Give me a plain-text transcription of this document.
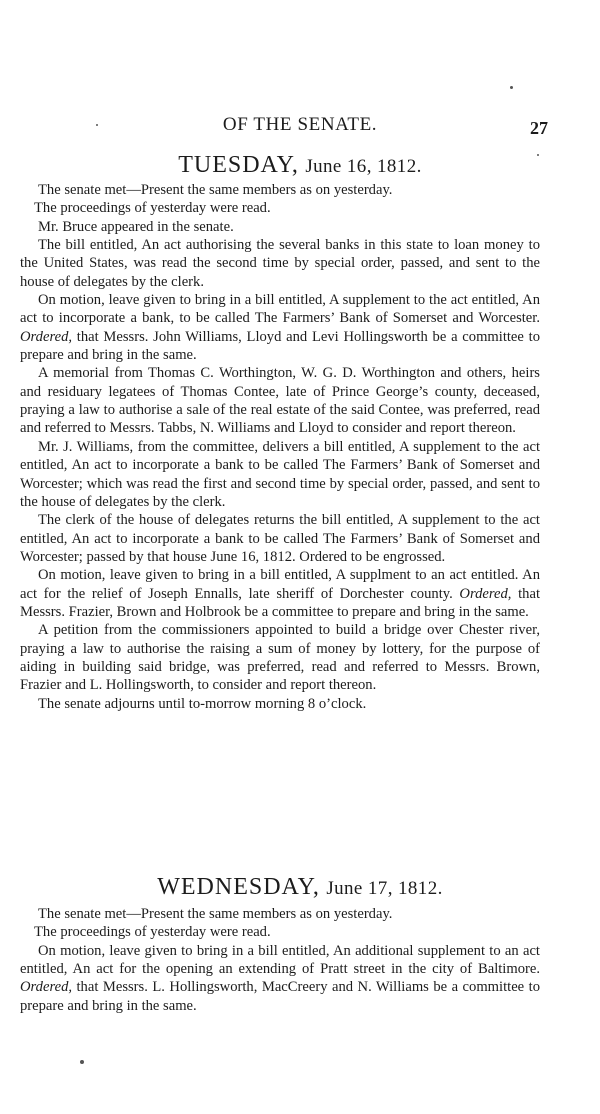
OF THE SENATE.	27
TUESDAY, June 16, 1812.

The senate met—Present the same members as on yesterday.

The proceedings of yesterday were read.

Mr. Bruce appeared in the senate.

The bill entitled, An act authorising the several banks in this state to loan money to the United States, was read the second time by special order, passed, and sent to the house of delegates by the clerk.

On motion, leave given to bring in a bill entitled, A supplement to the act entitled, An act to incorporate a bank, to be called The Farmers’ Bank of Somerset and Worcester. Ordered, that Messrs. John Williams, Lloyd and Levi Hollingsworth be a committee to prepare and bring in the same.

A memorial from Thomas C. Worthington, W. G. D. Worthington and others, heirs and residuary legatees of Thomas Contee, late of Prince George’s county, deceased, praying a law to authorise a sale of the real estate of the said Contee, was preferred, read and referred to Messrs. Tabbs, N. Williams and Lloyd to consider and report thereon.

Mr. J. Williams, from the committee, delivers a bill entitled, A supplement to the act entitled, An act to incorporate a bank to be called The Farmers’ Bank of Somerset and Worcester; which was read the first and second time by special order, passed, and sent to the house of delegates by the clerk.

The clerk of the house of delegates returns the bill entitled, A supplement to the act entitled, An act to incorporate a bank to be called The Farmers’ Bank of Somerset and Worcester; passed by that house June 16, 1812. Ordered to be engrossed.

On motion, leave given to bring in a bill entitled, A supplment to an act entitled. An act for the relief of Joseph Ennalls, late sheriff of Dorchester county. Ordered, that Messrs. Frazier, Brown and Holbrook be a committee to prepare and bring in the same.

A petition from the commissioners appointed to build a bridge over Chester river, praying a law to authorise the raising a sum of money by lottery, for the purpose of aiding in building said bridge, was preferred, read and referred to Messrs. Brown, Frazier and L. Hollingsworth, to consider and report thereon.

The senate adjourns until to-morrow morning 8 o’clock.

WEDNESDAY, June 17, 1812.

The senate met—Present the same members as on yesterday.

The proceedings of yesterday were read.

On motion, leave given to bring in a bill entitled, An additional supplement to an act entitled, An act for the opening an extending of Pratt street in the city of Baltimore. Ordered, that Messrs. L. Hollingsworth, MacCreery and N. Williams be a committee to prepare and bring in the same.
